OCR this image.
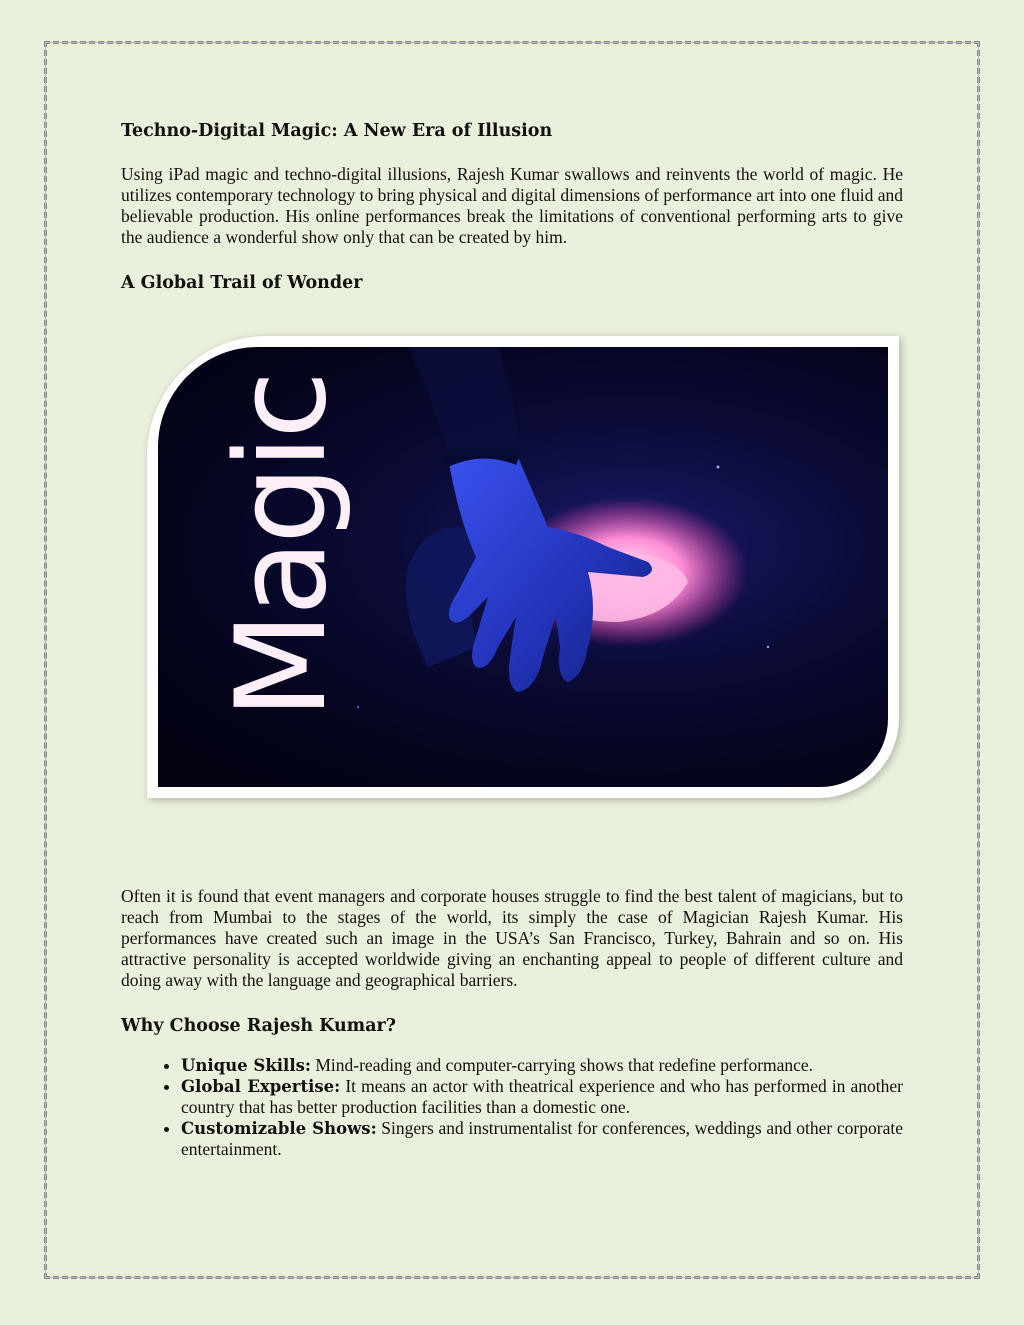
Techno-Digital Magic: A New Era of Illusion

Using iPad magic and techno-digital illusions, Rajesh Kumar swallows and reinvents the world of magic. He utilizes contemporary technology to bring physical and digital dimensions of performance art into one fluid and believable production. His online performances break the limitations of conventional performing arts to give the audience a wonderful show only that can be created by him.

A Global Trail of Wonder
Magic

Often it is found that event managers and corporate houses struggle to find the best talent of magicians, but to reach from Mumbai to the stages of the world, its simply the case of Magician Rajesh Kumar. His performances have created such an image in the USA’s San Francisco, Turkey, Bahrain and so on. His attractive personality is accepted worldwide giving an enchanting appeal to people of different culture and doing away with the language and geographical barriers.

Why Choose Rajesh Kumar?
• Unique Skills: Mind-reading and computer-carrying shows that redefine performance.
• Global Expertise: It means an actor with theatrical experience and who has performed in another country that has better production facilities than a domestic one.
• Customizable Shows: Singers and instrumentalist for conferences, weddings and other corporate entertainment.
